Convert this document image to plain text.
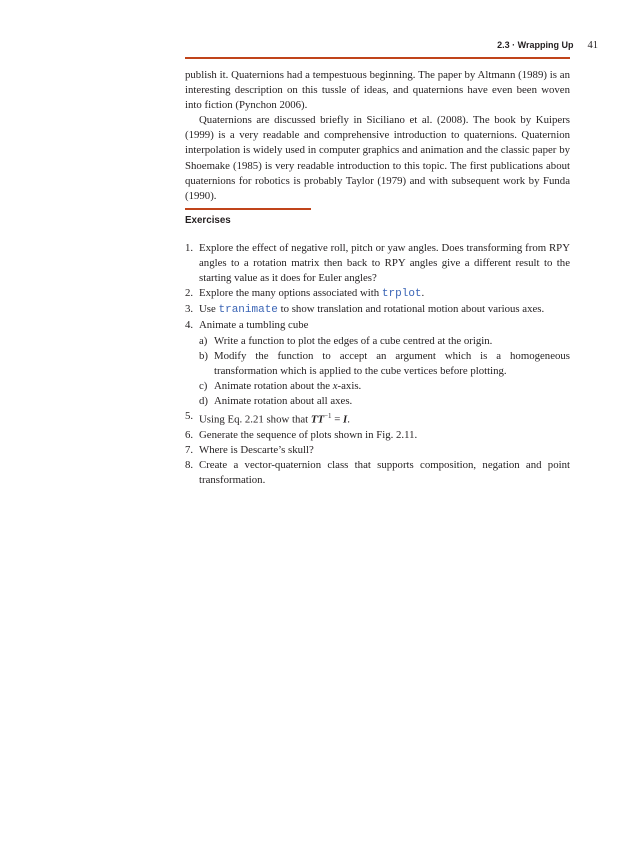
2.3 · Wrapping Up 41

publish it. Quaternions had a tempestuous beginning. The paper by Altmann (1989) is an interesting description on this tussle of ideas, and quaternions have even been woven into fiction (Pynchon 2006).

Quaternions are discussed briefly in Siciliano et al. (2008). The book by Kuipers (1999) is a very readable and comprehensive introduction to quaternions. Quaternion interpolation is widely used in computer graphics and animation and the classic paper by Shoemake (1985) is very readable introduction to this topic. The first publications about quaternions for robotics is probably Taylor (1979) and with subsequent work by Funda (1990).

Exercises
1. Explore the effect of negative roll, pitch or yaw angles. Does transforming from RPY angles to a rotation matrix then back to RPY angles give a different result to the starting value as it does for Euler angles?
2. Explore the many options associated with trplot.
3. Use tranimate to show translation and rotational motion about various axes.
4. Animate a tumbling cube
a) Write a function to plot the edges of a cube centred at the origin.
b) Modify the function to accept an argument which is a homogeneous transformation which is applied to the cube vertices before plotting.
c) Animate rotation about the x-axis.
d) Animate rotation about all axes.
5. Using Eq. 2.21 show that $TT^{-1} = I$.
6. Generate the sequence of plots shown in Fig. 2.11.
7. Where is Descarte’s skull?
8. Create a vector-quaternion class that supports composition, negation and point transformation.
